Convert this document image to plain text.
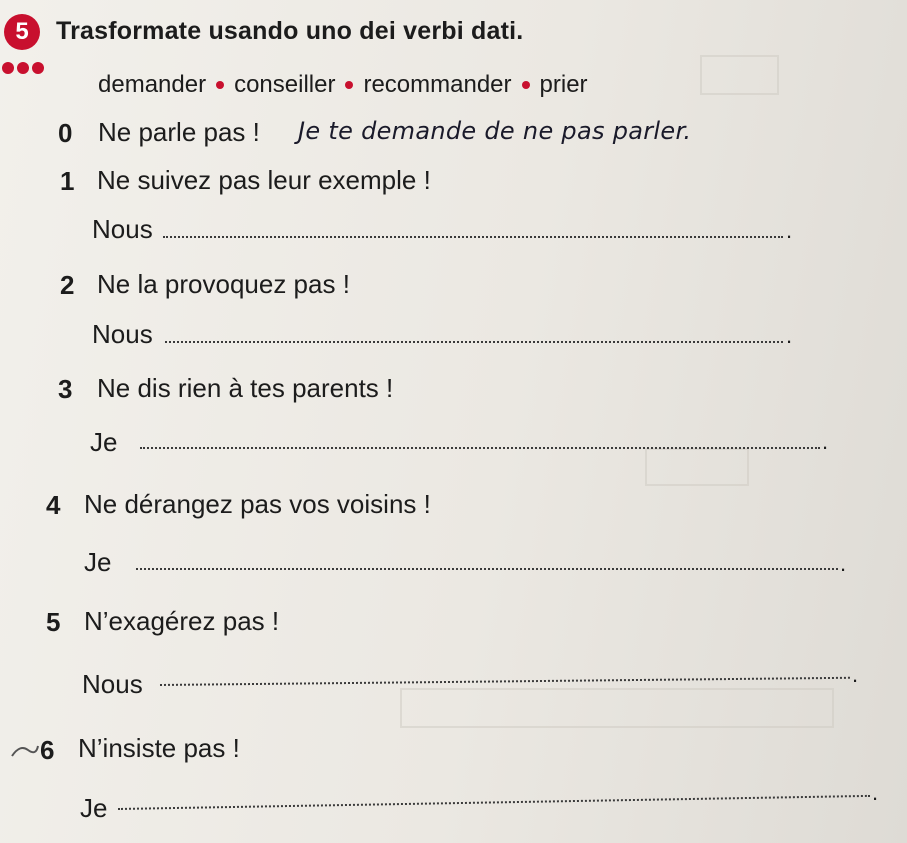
5 Trasformate usando uno dei verbi dati.
demander conseiller recommander prier
0 Ne parle pas ! Je te demande de ne pas parler.
1 Ne suivez pas leur exemple !
Nous	.
2 Ne la provoquez pas !
Nous	.
3 Ne dis rien à tes parents !
Je	.
4 Ne dérangez pas vos voisins !
Je	.
5 N’exagérez pas !
Nous	.
6 N’insiste pas !
Je
.
